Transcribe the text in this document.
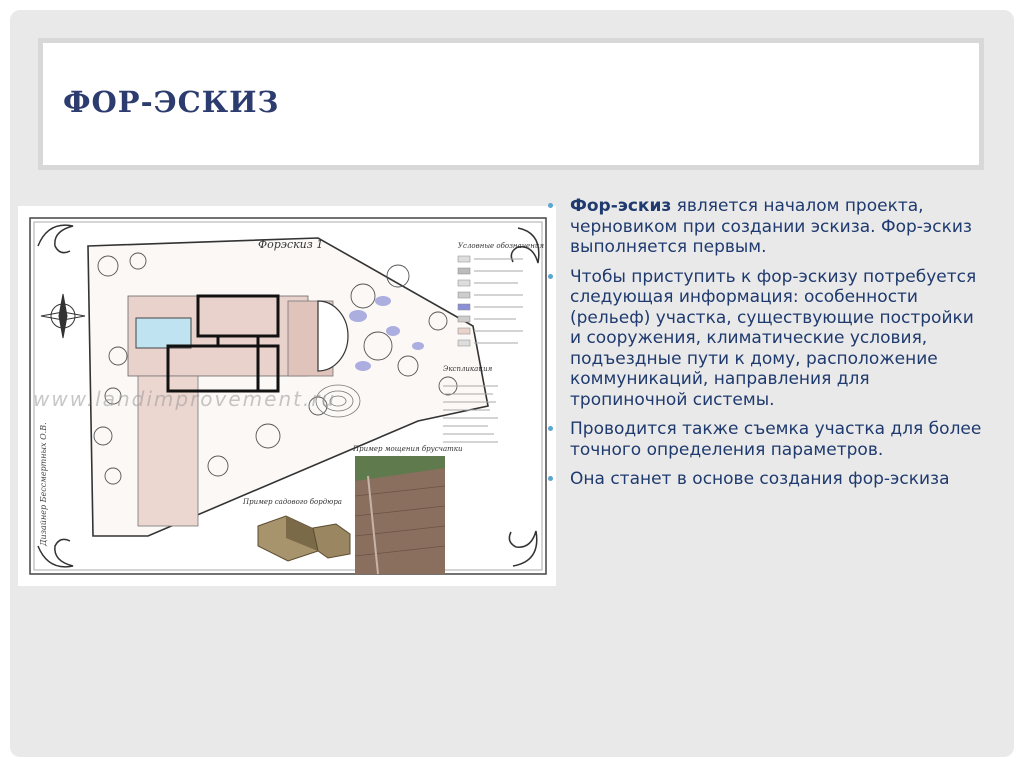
ФОР-ЭСКИЗ
Условные обозначения
Экспликация
Форэскиз 1
www.landimprovement.ru
Пример мощения брусчатки
Пример садового бордюра
Дизайнер Бессмертных О.В.
Фор-эскиз является началом проекта, черновиком при создании эскиза. Фор-эскиз выполняется первым.
Чтобы приступить к фор-эскизу потребуется следующая информация: особенности (рельеф) участка, существующие постройки и сооружения, климатические условия, подъездные пути к дому, расположение коммуникаций, направления для тропиночной системы.
Проводится также съемка участка для более точного определения параметров.
Она станет в основе создания фор-эскиза
